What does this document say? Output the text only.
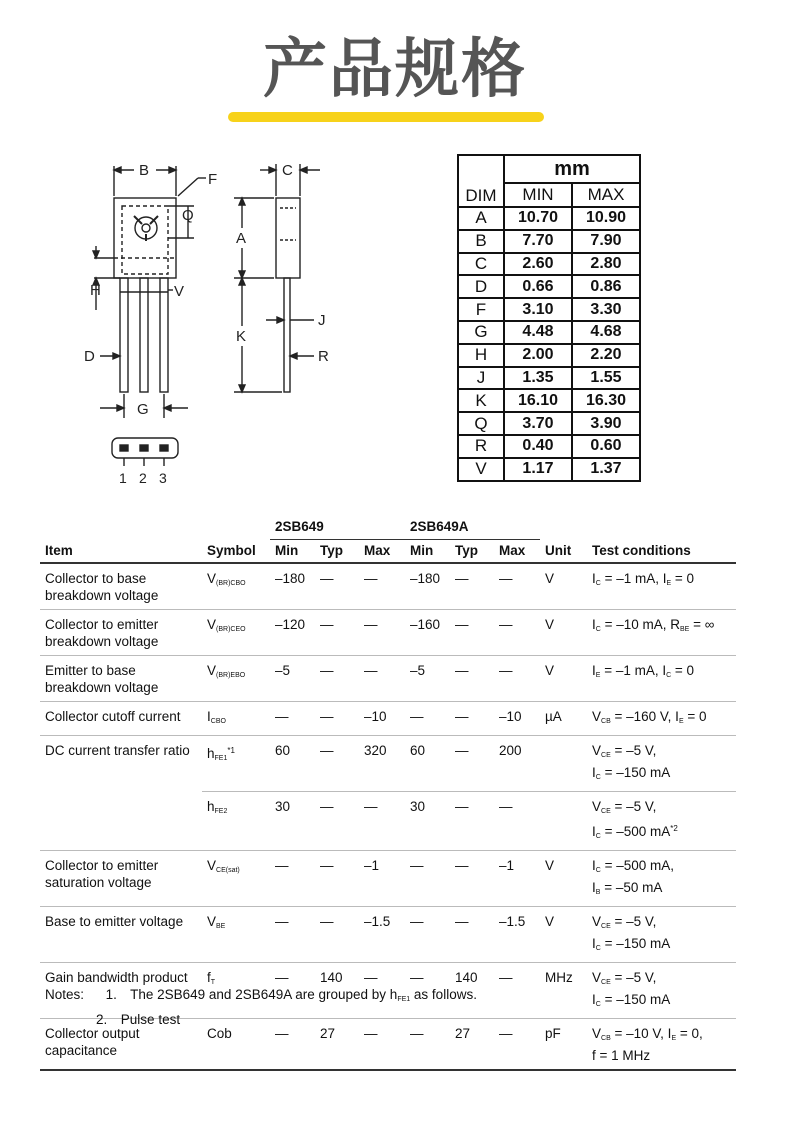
产品规格
B
F
Q
H	V
D
G
1 2 3
C
A
K
J
R
DIM	mm	
	MIN	MAX
A	10.70	10.90
B	7.70	7.90
C	2.60	2.80
D	0.66	0.86
F	3.10	3.30
G	4.48	4.68
H	2.00	2.20
J	1.35	1.55
K	16.10	16.30
Q	3.70	3.90
R	0.40	0.60
V	1.17	1.37
		2SB649			2SB649A				
Item	Symbol	Min	Typ	Max	Min	Typ	Max	Unit	Test conditions
Collector to base
breakdown voltage	$V_{(BR)CBO}$	–180	—	—	–180	—	—	V	$I_C = -1$ mA, $I_E = 0$
Collector to emitter
breakdown voltage	$V_{(BR)CEO}$	–120	—	—	–160	—	—	V	$I_C = -10$ mA, $R_{BE}$ = ∞
Emitter to base
breakdown voltage	$V_{(BR)EBO}$	–5	—	—	–5	—	—	V	$I_E = -1$ mA, $I_C = 0$
Collector cutoff current	$I_{CBO}$	—	—	–10	—	—	–10	µA	$V_{CB} = -160$ V, $I_E = 0$
DC current transfer ratio	$h_{FE1}^{*1}$	60	—	320	60	—	200		$V_{CE} = -5$ V,
$I_C = -150$ mA
	$h_{FE2}$	30	—	—	30	—	—		$V_{CE} = -5$ V,
$I_C = -500$ $mA^{*2}$
Collector to emitter
saturation voltage	$V_{CE(sat)}$	—	—	–1	—	—	–1	V	$I_C = -500$ mA,
$I_B = -50$ mA
Base to emitter voltage	$V_{BE}$	—	—	–1.5	—	—	–1.5	V	$V_{CE} = -5$ V,
$I_C = -150$ mA
Gain bandwidth product	$f_T$	—	140	—	—	140	—	MHz	$V_{CE} = -5$ V,
$I_C = -150$ mA
Collector output
capacitance	Cob	—	27	—	—	27	—	pF	$V_{CB} = -10$ V, $I_E = 0$,
f = 1 MHz
Notes: 1. The 2SB649 and 2SB649A are grouped by $h_{FE1}$ as follows.
2. Pulse test
